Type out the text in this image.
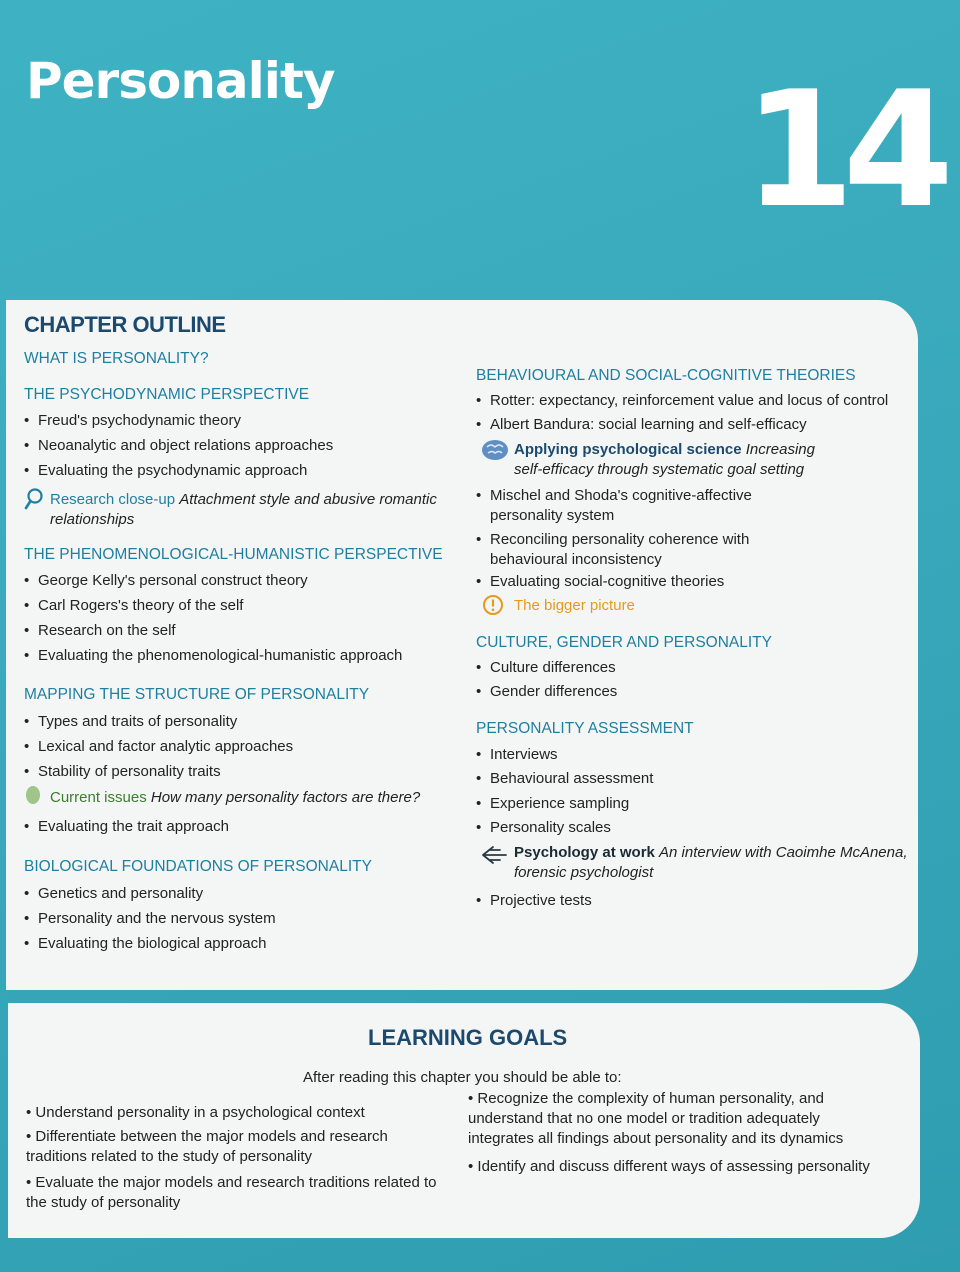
Personality	14
CHAPTER OUTLINE
WHAT IS PERSONALITY?
THE PSYCHODYNAMIC PERSPECTIVE
• Freud's psychodynamic theory
• Neoanalytic and object relations approaches
• Evaluating the psychodynamic approach
Research close-up Attachment style and abusive romantic
relationships
THE PHENOMENOLOGICAL-HUMANISTIC PERSPECTIVE
• George Kelly's personal construct theory
• Carl Rogers's theory of the self
• Research on the self
• Evaluating the phenomenological-humanistic approach
MAPPING THE STRUCTURE OF PERSONALITY
• Types and traits of personality
• Lexical and factor analytic approaches
• Stability of personality traits
Current issues How many personality factors are there?
• Evaluating the trait approach
BIOLOGICAL FOUNDATIONS OF PERSONALITY
• Genetics and personality
• Personality and the nervous system
• Evaluating the biological approach
BEHAVIOURAL AND SOCIAL-COGNITIVE THEORIES
• Rotter: expectancy, reinforcement value and locus of control
• Albert Bandura: social learning and self-efficacy
Applying psychological science Increasing
self-efficacy through systematic goal setting
• Mischel and Shoda's cognitive-affective
personality system
• Reconciling personality coherence with
behavioural inconsistency
• Evaluating social-cognitive theories
The bigger picture
CULTURE, GENDER AND PERSONALITY
• Culture differences
• Gender differences
PERSONALITY ASSESSMENT
• Interviews
• Behavioural assessment
• Experience sampling
• Personality scales
Psychology at work An interview with Caoimhe McAnena,
forensic psychologist
• Projective tests
LEARNING GOALS
After reading this chapter you should be able to:
• Understand personality in a psychological context
• Differentiate between the major models and research traditions related to the study of personality
• Evaluate the major models and research traditions related to the study of personality
• Recognize the complexity of human personality, and understand that no one model or tradition adequately integrates all findings about personality and its dynamics
• Identify and discuss different ways of assessing personality
